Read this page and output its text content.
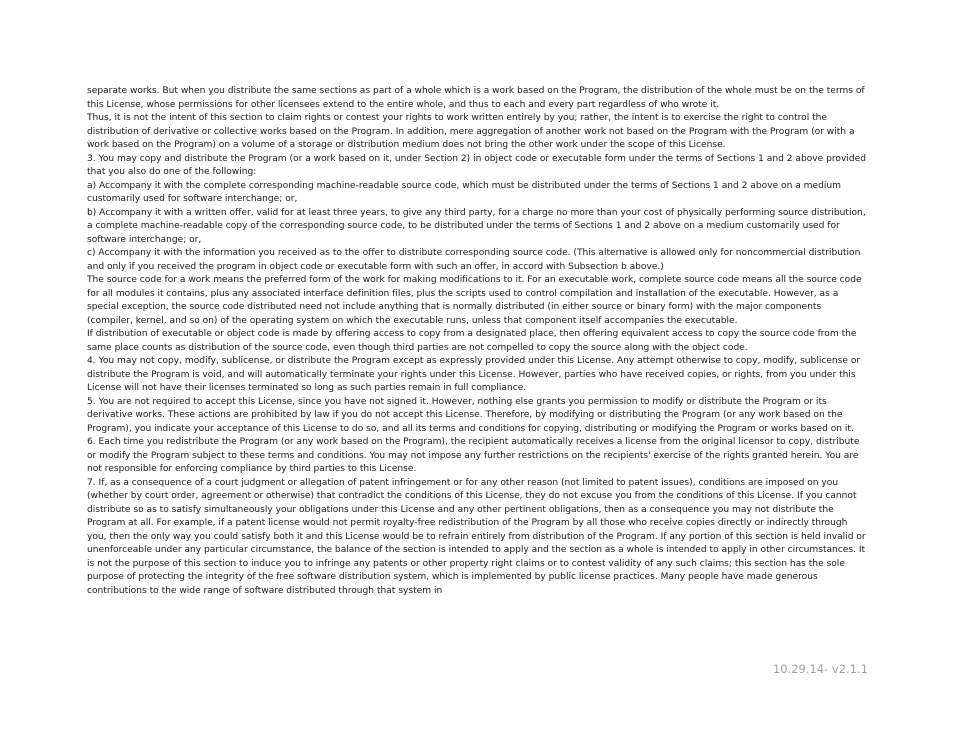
separate works. But when you distribute the same sections as part of a whole which is a work based on the Program, the distribution of the whole must be on the terms of this License, whose permissions for other licensees extend to the entire whole, and thus to each and every part regardless of who wrote it.

Thus, it is not the intent of this section to claim rights or contest your rights to work written entirely by you; rather, the intent is to exercise the right to control the distribution of derivative or collective works based on the Program. In addition, mere aggregation of another work not based on the Program with the Program (or with a work based on the Program) on a volume of a storage or distribution medium does not bring the other work under the scope of this License.

3. You may copy and distribute the Program (or a work based on it, under Section 2) in object code or executable form under the terms of Sections 1 and 2 above provided that you also do one of the following:

a) Accompany it with the complete corresponding machine-readable source code, which must be distributed under the terms of Sections 1 and 2 above on a medium customarily used for software interchange; or,

b) Accompany it with a written offer, valid for at least three years, to give any third party, for a charge no more than your cost of physically performing source distribution, a complete machine-readable copy of the corresponding source code, to be distributed under the terms of Sections 1 and 2 above on a medium customarily used for software interchange; or,

c) Accompany it with the information you received as to the offer to distribute corresponding source code. (This alternative is allowed only for noncommercial distribution and only if you received the program in object code or executable form with such an offer, in accord with Subsection b above.)

The source code for a work means the preferred form of the work for making modifications to it. For an executable work, complete source code means all the source code for all modules it contains, plus any associated interface definition files, plus the scripts used to control compilation and installation of the executable. However, as a special exception, the source code distributed need not include anything that is normally distributed (in either source or binary form) with the major components (compiler, kernel, and so on) of the operating system on which the executable runs, unless that component itself accompanies the executable.

If distribution of executable or object code is made by offering access to copy from a designated place, then offering equivalent access to copy the source code from the same place counts as distribution of the source code, even though third parties are not compelled to copy the source along with the object code.

4. You may not copy, modify, sublicense, or distribute the Program except as expressly provided under this License. Any attempt otherwise to copy, modify, sublicense or distribute the Program is void, and will automatically terminate your rights under this License. However, parties who have received copies, or rights, from you under this License will not have their licenses terminated so long as such parties remain in full compliance.

5. You are not required to accept this License, since you have not signed it. However, nothing else grants you permission to modify or distribute the Program or its derivative works. These actions are prohibited by law if you do not accept this License. Therefore, by modifying or distributing the Program (or any work based on the Program), you indicate your acceptance of this License to do so, and all its terms and conditions for copying, distributing or modifying the Program or works based on it.

6. Each time you redistribute the Program (or any work based on the Program), the recipient automatically receives a license from the original licensor to copy, distribute or modify the Program subject to these terms and conditions. You may not impose any further restrictions on the recipients' exercise of the rights granted herein. You are not responsible for enforcing compliance by third parties to this License.

7. If, as a consequence of a court judgment or allegation of patent infringement or for any other reason (not limited to patent issues), conditions are imposed on you (whether by court order, agreement or otherwise) that contradict the conditions of this License, they do not excuse you from the conditions of this License. If you cannot distribute so as to satisfy simultaneously your obligations under this License and any other pertinent obligations, then as a consequence you may not distribute the Program at all. For example, if a patent license would not permit royalty-free redistribution of the Program by all those who receive copies directly or indirectly through you, then the only way you could satisfy both it and this License would be to refrain entirely from distribution of the Program. If any portion of this section is held invalid or unenforceable under any particular circumstance, the balance of the section is intended to apply and the section as a whole is intended to apply in other circumstances. It is not the purpose of this section to induce you to infringe any patents or other property right claims or to contest validity of any such claims; this section has the sole purpose of protecting the integrity of the free software distribution system, which is implemented by public license practices. Many people have made generous contributions to the wide range of software distributed through that system in

10.29.14- v2.1.1
